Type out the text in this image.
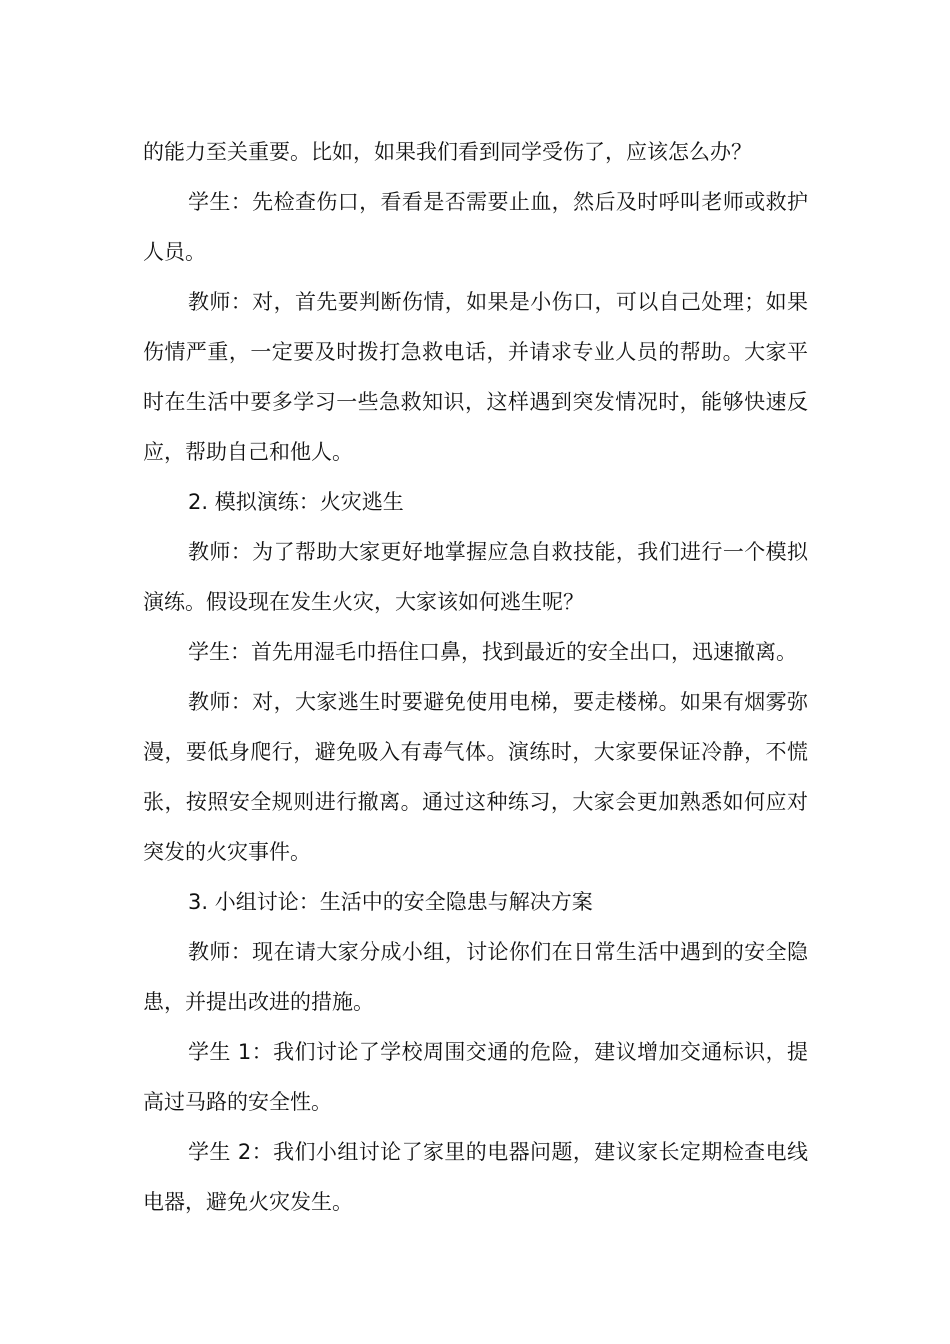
的能力至关重要。比如，如果我们看到同学受伤了，应该怎么办？

学生：先检查伤口，看看是否需要止血，然后及时呼叫老师或救护人员。

教师：对，首先要判断伤情，如果是小伤口，可以自己处理；如果伤情严重，一定要及时拨打急救电话，并请求专业人员的帮助。大家平时在生活中要多学习一些急救知识，这样遇到突发情况时，能够快速反应，帮助自己和他人。

2. 模拟演练：火灾逃生

教师：为了帮助大家更好地掌握应急自救技能，我们进行一个模拟演练。假设现在发生火灾，大家该如何逃生呢？

学生：首先用湿毛巾捂住口鼻，找到最近的安全出口，迅速撤离。

教师：对，大家逃生时要避免使用电梯，要走楼梯。如果有烟雾弥漫，要低身爬行，避免吸入有毒气体。演练时，大家要保证冷静，不慌张，按照安全规则进行撤离。通过这种练习，大家会更加熟悉如何应对突发的火灾事件。

3. 小组讨论：生活中的安全隐患与解决方案

教师：现在请大家分成小组，讨论你们在日常生活中遇到的安全隐患，并提出改进的措施。

学生 1：我们讨论了学校周围交通的危险，建议增加交通标识，提高过马路的安全性。

学生 2：我们小组讨论了家里的电器问题，建议家长定期检查电线电器，避免火灾发生。
